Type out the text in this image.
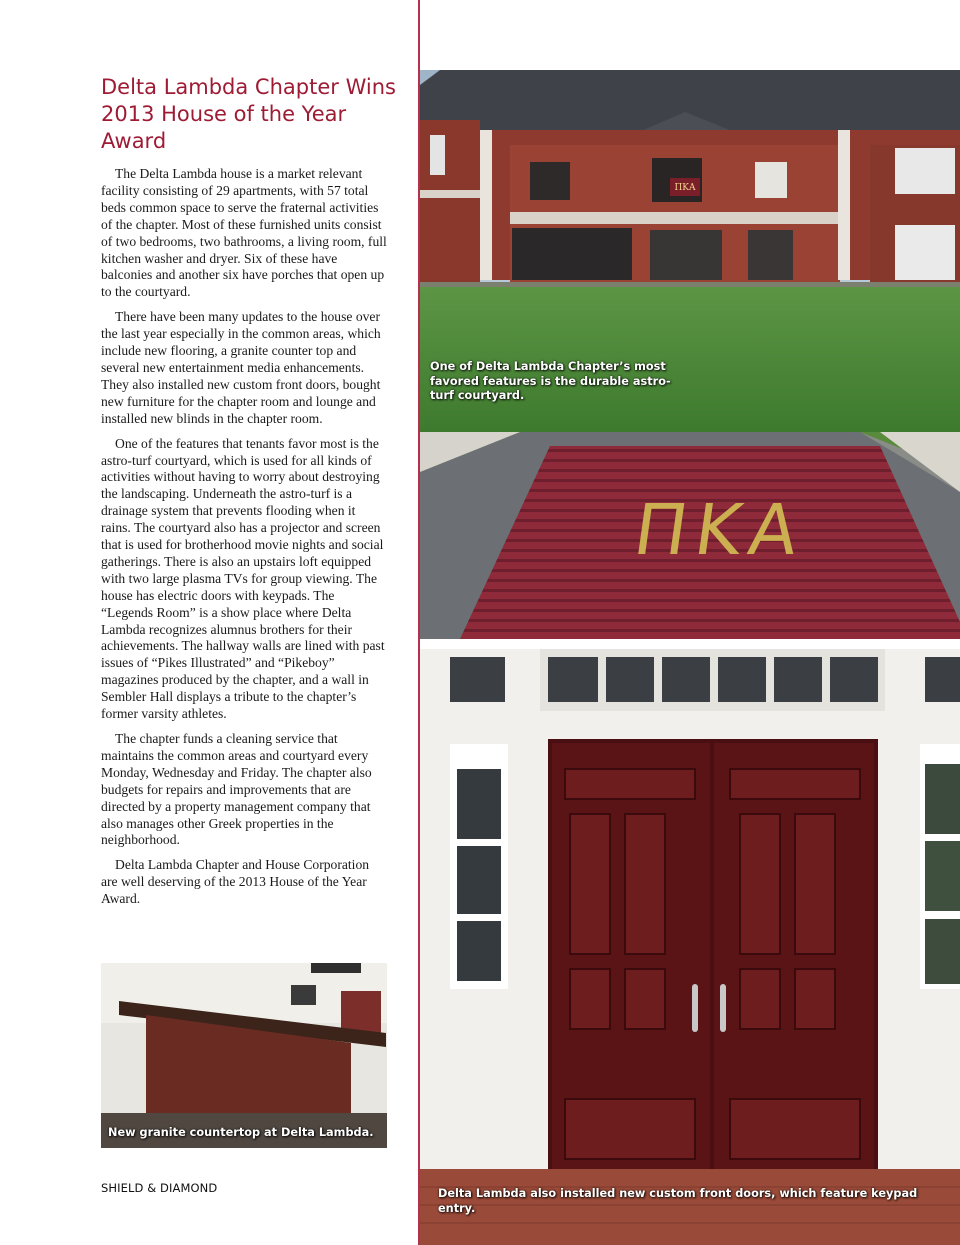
Delta Lambda Chapter Wins 2013 House of the Year Award

The Delta Lambda house is a market relevant facility consisting of 29 apartments, with 57 total beds common space to serve the fraternal activities of the chapter. Most of these furnished units consist of two bedrooms, two bathrooms, a living room, full kitchen washer and dryer. Six of these have balconies and another six have porches that open up to the courtyard.

There have been many updates to the house over the last year especially in the common areas, which include new flooring, a granite counter top and several new entertainment media enhancements. They also installed new custom front doors, bought new furniture for the chapter room and lounge and installed new blinds in the chapter room.

One of the features that tenants favor most is the astro-turf courtyard, which is used for all kinds of activities without having to worry about destroying the landscaping. Underneath the astro-turf is a drainage system that prevents flooding when it rains. The courtyard also has a projector and screen that is used for brotherhood movie nights and social gatherings. There is also an upstairs loft equipped with two large plasma TVs for group viewing. The house has electric doors with keypads. The “Legends Room” is a show place where Delta Lambda recognizes alumnus brothers for their achievements. The hallway walls are lined with past issues of “Pikes Illustrated” and “Pikeboy” magazines produced by the chapter, and a wall in Sembler Hall displays a tribute to the chapter’s former varsity athletes.

The chapter funds a cleaning service that maintains the common areas and courtyard every Monday, Wednesday and Friday. The chapter also budgets for repairs and improvements that are directed by a property management company that also manages other Greek properties in the neighborhood.

Delta Lambda Chapter and House Corporation are well deserving of the 2013 House of the Year Award.

ΠΚΑ
One of Delta Lambda Chapter’s most favored features is the durable astro-turf courtyard.
ΠΚΑ
Delta Lambda also installed new custom front doors, which feature keypad entry.
New granite countertop at Delta Lambda.
SHIELD & DIAMOND
